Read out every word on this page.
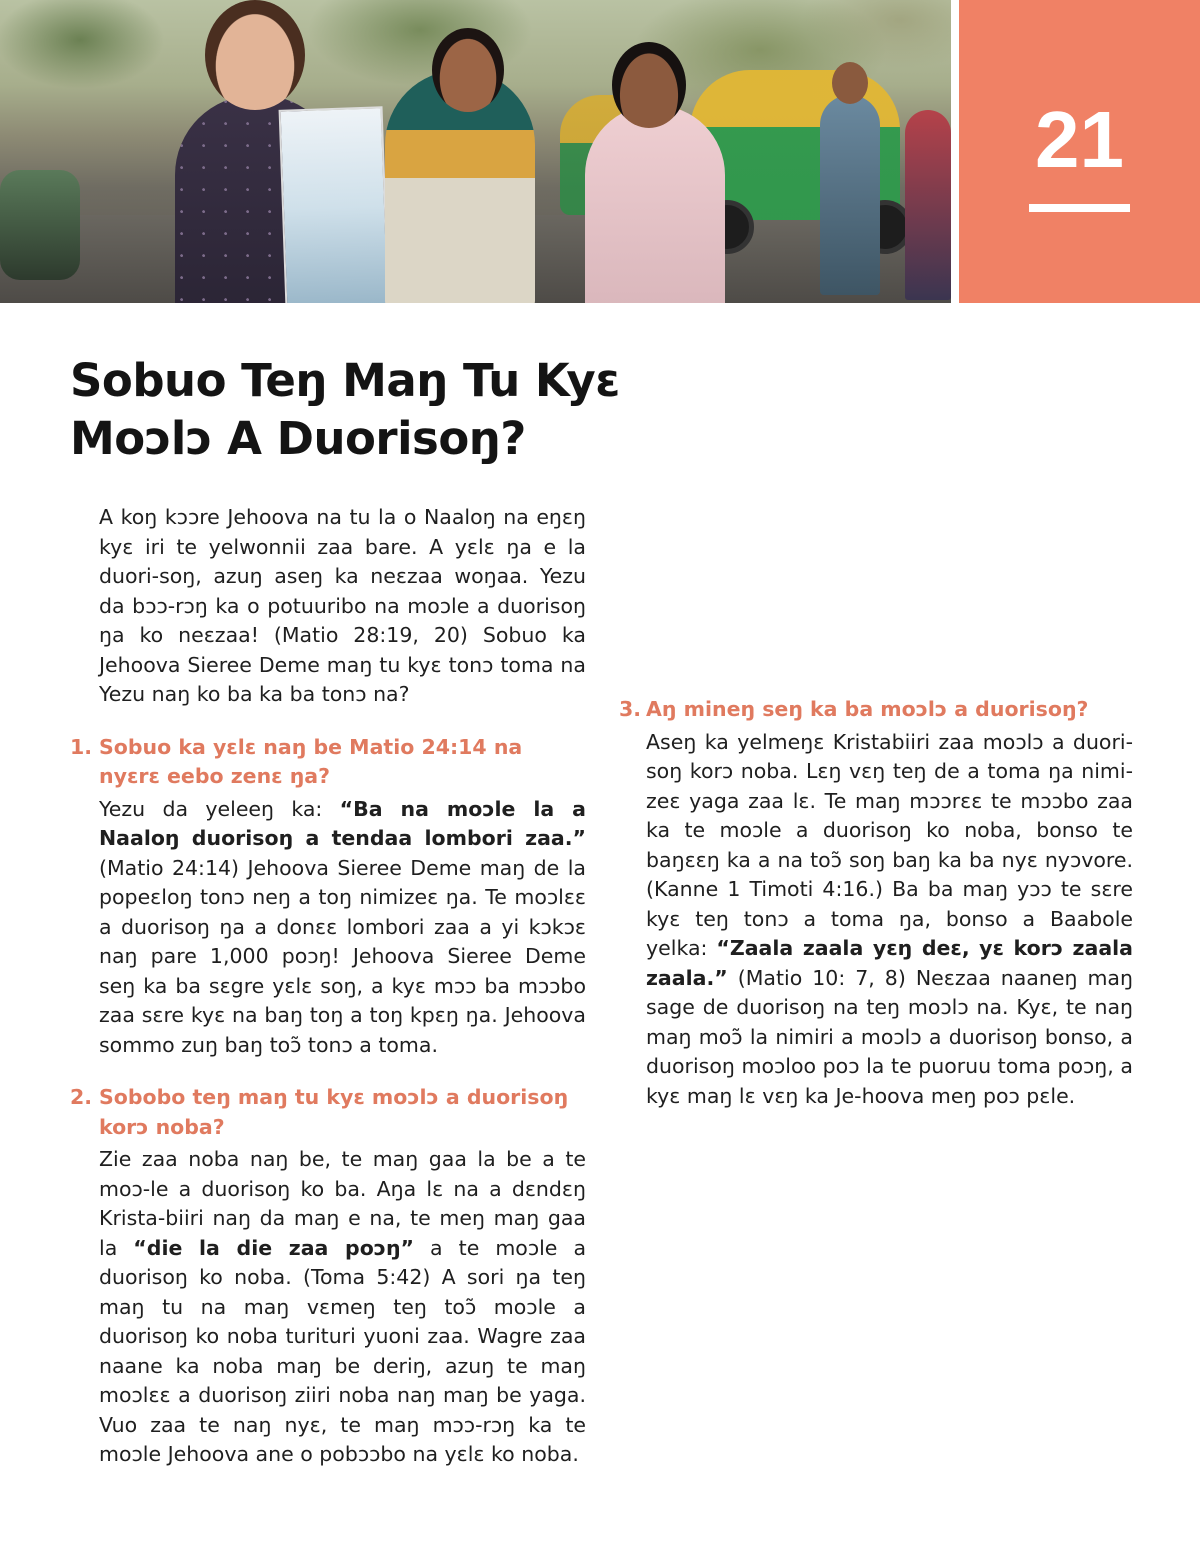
21
Sobuo Teŋ Maŋ Tu Kyɛ
Moɔlɔ A Duorisoŋ?

A koŋ kɔɔre Jehoova na tu la o Naaloŋ na eŋɛŋ kyɛ iri te yelwonnii zaa bare. A yɛlɛ ŋa e la duori-soŋ, azuŋ aseŋ ka neɛzaa woŋaa. Yezu da bɔɔ-rɔŋ ka o potuuribo na moɔle a duorisoŋ ŋa ko neɛzaa! (Matio 28:19, 20) Sobuo ka Jehoova Sieree Deme maŋ tu kyɛ tonɔ toma na Yezu naŋ ko ba ka ba tonɔ na?

1. Sobuo ka yɛlɛ naŋ be Matio 24:14 na nyɛrɛ eebo zenɛ ŋa?

Yezu da yeleeŋ ka: “Ba na moɔle la a Naaloŋ duorisoŋ a tendaa lombori zaa.” (Matio 24:14) Jehoova Sieree Deme maŋ de la popeɛloŋ tonɔ neŋ a toŋ nimizeɛ ŋa. Te moɔlɛɛ a duorisoŋ ŋa a donɛɛ lombori zaa a yi kɔkɔɛ naŋ pare 1,000 poɔŋ! Jehoova Sieree Deme seŋ ka ba sɛgre yɛlɛ soŋ, a kyɛ mɔɔ ba mɔɔbo zaa sɛre kyɛ na baŋ toŋ a toŋ kpɛŋ ŋa. Jehoova sommo zuŋ baŋ toɔ̃ tonɔ a toma.

2. Sobobo teŋ maŋ tu kyɛ moɔlɔ a duorisoŋ korɔ noba?

Zie zaa noba naŋ be, te maŋ gaa la be a te moɔ-le a duorisoŋ ko ba. Aŋa lɛ na a dɛndɛŋ Krista-biiri naŋ da maŋ e na, te meŋ maŋ gaa la “die la die zaa poɔŋ” a te moɔle a duorisoŋ ko noba. (Toma 5:42) A sori ŋa teŋ maŋ tu na maŋ vɛmeŋ teŋ toɔ̃ moɔle a duorisoŋ ko noba turituri yuoni zaa. Wagre zaa naane ka noba maŋ be deriŋ, azuŋ te maŋ moɔlɛɛ a duorisoŋ ziiri noba naŋ maŋ be yaga. Vuo zaa te naŋ nyɛ, te maŋ mɔɔ-rɔŋ ka te moɔle Jehoova ane o pobɔɔbo na yɛlɛ ko noba.

3. Aŋ mineŋ seŋ ka ba moɔlɔ a duorisoŋ?

Aseŋ ka yelmeŋɛ Kristabiiri zaa moɔlɔ a duori-soŋ korɔ noba. Lɛŋ vɛŋ teŋ de a toma ŋa nimi-zeɛ yaga zaa lɛ. Te maŋ mɔɔrɛɛ te mɔɔbo zaa ka te moɔle a duorisoŋ ko noba, bonso te baŋɛɛŋ ka a na toɔ̃ soŋ baŋ ka ba nyɛ nyɔvore. (Kanne 1 Timoti 4:16.) Ba ba maŋ yɔɔ te sɛre kyɛ teŋ tonɔ a toma ŋa, bonso a Baabole yelka: “Zaala zaala yɛŋ deɛ, yɛ korɔ zaala zaala.” (Matio 10: 7, 8) Neɛzaa naaneŋ maŋ sage de duorisoŋ na teŋ moɔlɔ na. Kyɛ, te naŋ maŋ moɔ̃ la nimiri a moɔlɔ a duorisoŋ bonso, a duorisoŋ moɔloo poɔ la te puoruu toma poɔŋ, a kyɛ maŋ lɛ vɛŋ ka Je-hoova meŋ poɔ pɛle.
